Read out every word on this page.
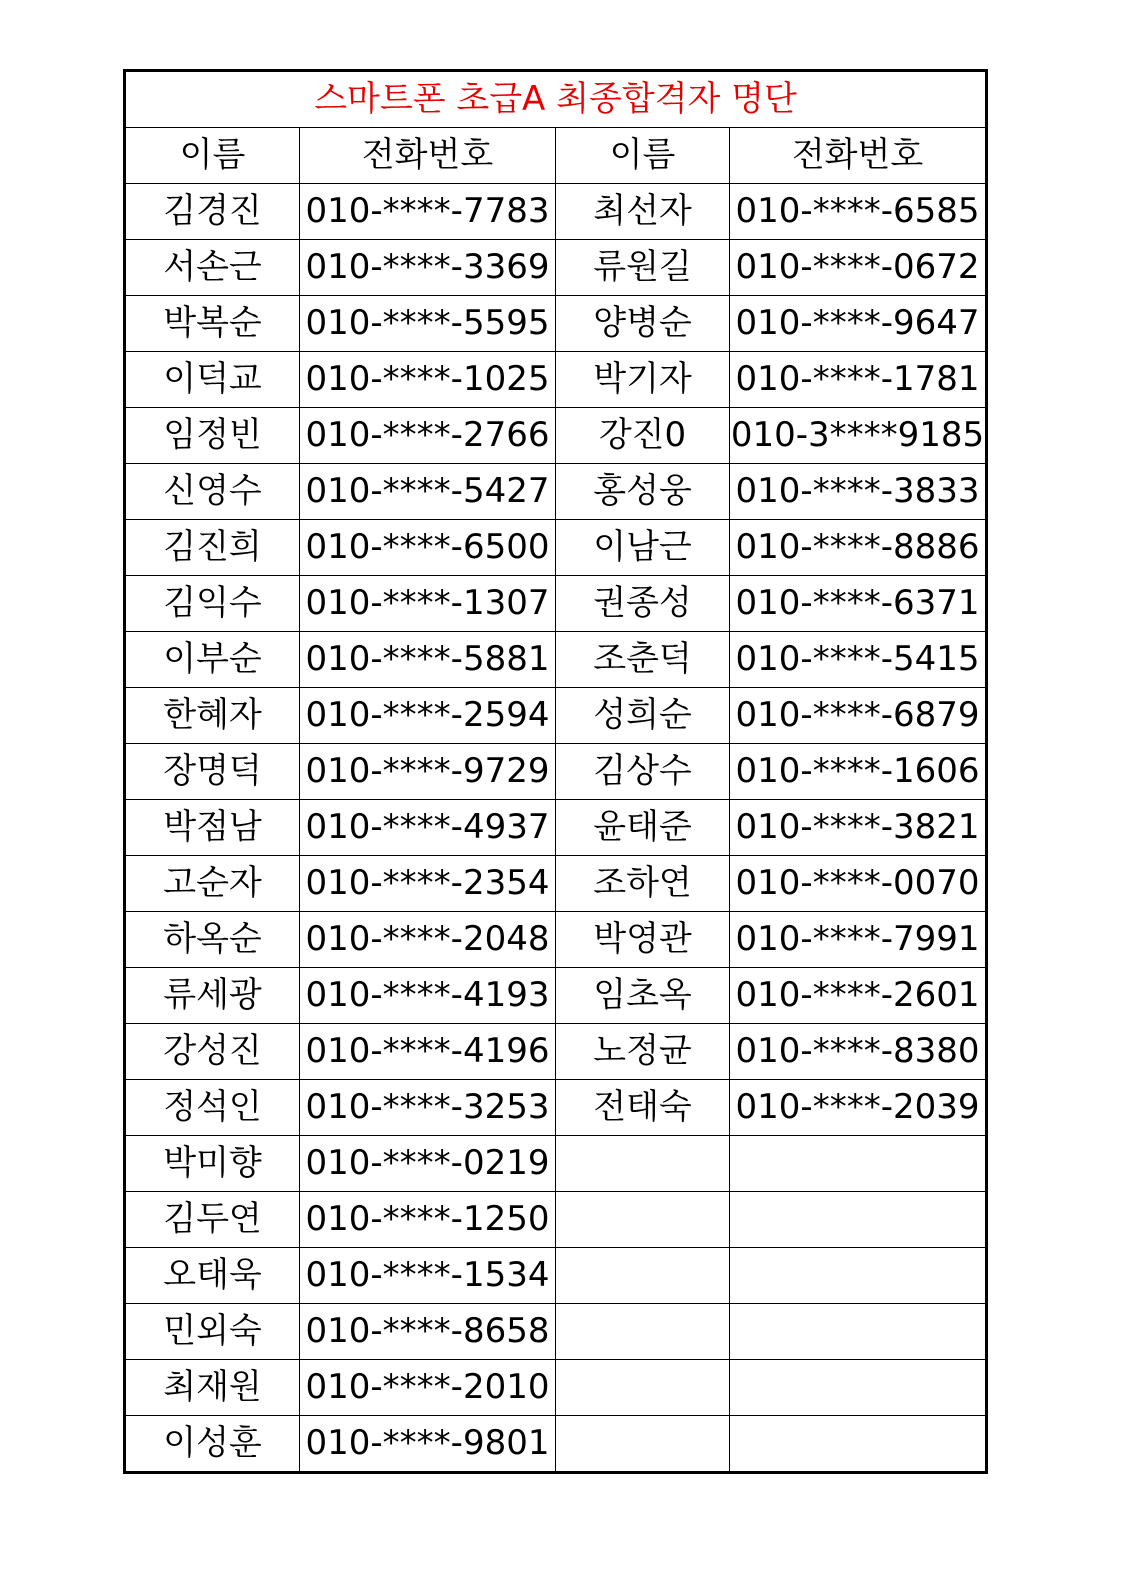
스마트폰 초급A 최종합격자 명단			
이름	전화번호	이름	전화번호
김경진	010-****-7783	최선자	010-****-6585
서손근	010-****-3369	류원길	010-****-0672
박복순	010-****-5595	양병순	010-****-9647
이덕교	010-****-1025	박기자	010-****-1781
임정빈	010-****-2766	강진0	010-3****9185
신영수	010-****-5427	홍성웅	010-****-3833
김진희	010-****-6500	이남근	010-****-8886
김익수	010-****-1307	권종성	010-****-6371
이부순	010-****-5881	조춘덕	010-****-5415
한혜자	010-****-2594	성희순	010-****-6879
장명덕	010-****-9729	김상수	010-****-1606
박점남	010-****-4937	윤태준	010-****-3821
고순자	010-****-2354	조하연	010-****-0070
하옥순	010-****-2048	박영관	010-****-7991
류세광	010-****-4193	임초옥	010-****-2601
강성진	010-****-4196	노정균	010-****-8380
정석인	010-****-3253	전태숙	010-****-2039
박미향	010-****-0219		
김두연	010-****-1250		
오태욱	010-****-1534		
민외숙	010-****-8658		
최재원	010-****-2010		
이성훈	010-****-9801		
